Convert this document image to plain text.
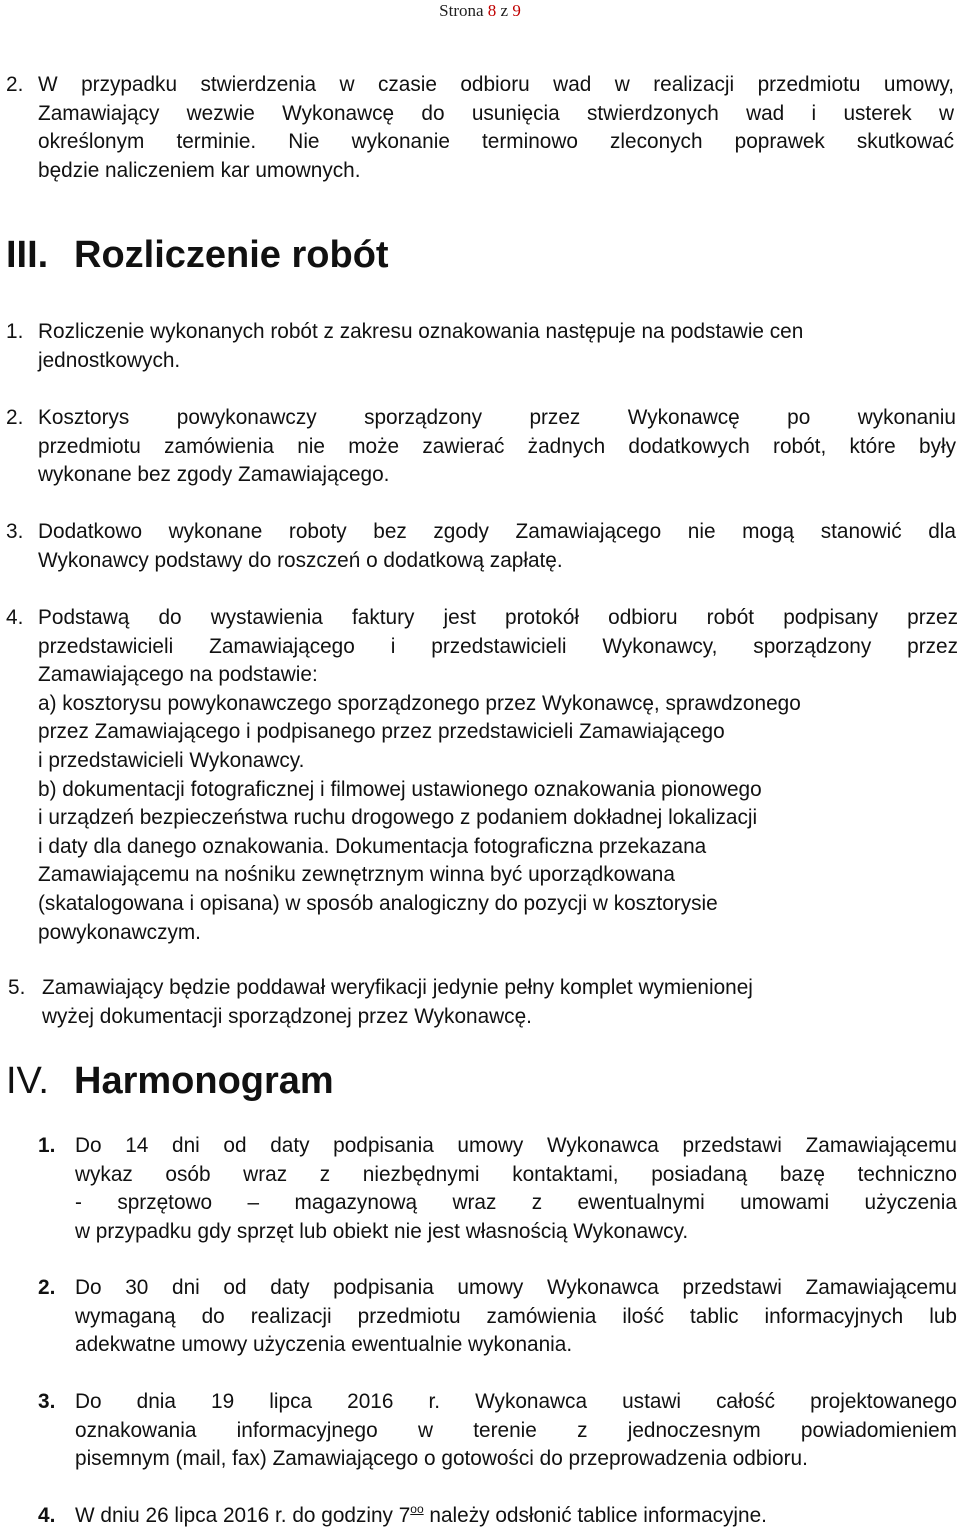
Strona 8 z 9
2. W przypadku stwierdzenia w czasie odbioru wad w realizacji przedmiotu umowy,
Zamawiający wezwie Wykonawcę do usunięcia stwierdzonych wad i usterek w
określonym terminie. Nie wykonanie terminowo zleconych poprawek skutkować
będzie naliczeniem kar umownych.
III. Rozliczenie robót
1. Rozliczenie wykonanych robót z zakresu oznakowania następuje na podstawie cen
jednostkowych.
2. Kosztorys powykonawczy sporządzony przez Wykonawcę po wykonaniu
przedmiotu zamówienia nie może zawierać żadnych dodatkowych robót, które były
wykonane bez zgody Zamawiającego.
3. Dodatkowo wykonane roboty bez zgody Zamawiającego nie mogą stanowić dla
Wykonawcy podstawy do roszczeń o dodatkową zapłatę.
4. Podstawą do wystawienia faktury jest protokół odbioru robót podpisany przez
przedstawicieli Zamawiającego i przedstawicieli Wykonawcy, sporządzony przez
Zamawiającego na podstawie:
a) kosztorysu powykonawczego sporządzonego przez Wykonawcę, sprawdzonego
przez Zamawiającego i podpisanego przez przedstawicieli Zamawiającego
i przedstawicieli Wykonawcy.
b) dokumentacji fotograficznej i filmowej ustawionego oznakowania pionowego
i urządzeń bezpieczeństwa ruchu drogowego z podaniem dokładnej lokalizacji
i daty dla danego oznakowania. Dokumentacja fotograficzna przekazana
Zamawiającemu na nośniku zewnętrznym winna być uporządkowana
(skatalogowana i opisana) w sposób analogiczny do pozycji w kosztorysie
powykonawczym.
5. Zamawiający będzie poddawał weryfikacji jedynie pełny komplet wymienionej
wyżej dokumentacji sporządzonej przez Wykonawcę.
IV. Harmonogram
1. Do 14 dni od daty podpisania umowy Wykonawca przedstawi Zamawiającemu
wykaz osób wraz z niezbędnymi kontaktami, posiadaną bazę techniczno
- sprzętowo – magazynową wraz z ewentualnymi umowami użyczenia
w przypadku gdy sprzęt lub obiekt nie jest własnością Wykonawcy.
2. Do 30 dni od daty podpisania umowy Wykonawca przedstawi Zamawiającemu
wymaganą do realizacji przedmiotu zamówienia ilość tablic informacyjnych lub
adekwatne umowy użyczenia ewentualnie wykonania.
3. Do dnia 19 lipca 2016 r. Wykonawca ustawi całość projektowanego
oznakowania informacyjnego w terenie z jednoczesnym powiadomieniem
pisemnym (mail, fax) Zamawiającego o gotowości do przeprowadzenia odbioru.
4. W dniu 26 lipca 2016 r. do godziny $7^{oo}$ należy odsłonić tablice informacyjne.
